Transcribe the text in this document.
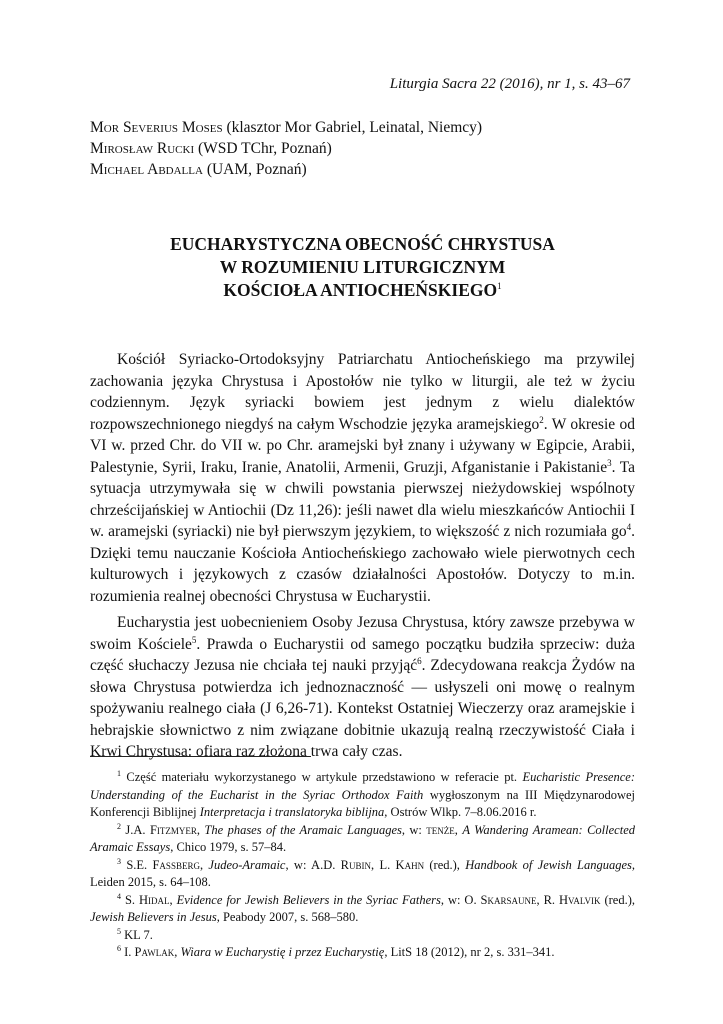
Liturgia Sacra 22 (2016), nr 1, s. 43–67
Mor Severius Moses (klasztor Mor Gabriel, Leinatal, Niemcy)
Mirosław Rucki (WSD TChr, Poznań)
Michael Abdalla (UAM, Poznań)
EUCHARYSTYCZNA OBECNOŚĆ CHRYSTUSA
W ROZUMIENIU LITURGICZNYM
KOŚCIOŁA ANTIOCHEŃSKIEGO$^1$

Kościół Syriacko-Ortodoksyjny Patriarchatu Antiocheńskiego ma przywilej zachowania języka Chrystusa i Apostołów nie tylko w liturgii, ale też w życiu codziennym. Język syriacki bowiem jest jednym z wielu dialektów rozpowszechnionego niegdyś na całym Wschodzie języka aramejskiego$^2$. W okresie od VI w. przed Chr. do VII w. po Chr. aramejski był znany i używany w Egipcie, Arabii, Palestynie, Syrii, Iraku, Iranie, Anatolii, Armenii, Gruzji, Afganistanie i Pakistanie$^3$. Ta sytuacja utrzymywała się w chwili powstania pierwszej nieżydowskiej wspólnoty chrześcijańskiej w Antiochii (Dz 11,26): jeśli nawet dla wielu mieszkańców Antiochii I w. aramejski (syriacki) nie był pierwszym językiem, to większość z nich rozumiała $go^4$. Dzięki temu nauczanie Kościoła Antiocheńskiego zachowało wiele pierwotnych cech kulturowych i językowych z czasów działalności Apostołów. Dotyczy to m.in. rozumienia realnej obecności Chrystusa w Eucharystii.

Eucharystia jest uobecnieniem Osoby Jezusa Chrystusa, który zawsze przebywa w swoim Kościele$^5$. Prawda o Eucharystii od samego początku budziła sprzeciw: duża część słuchaczy Jezusa nie chciała tej nauki przyjąć$^6$. Zdecydowana reakcja Żydów na słowa Chrystusa potwierdza ich jednoznaczność — usłyszeli oni mowę o realnym spożywaniu realnego ciała (J 6,26-71). Kontekst Ostatniej Wieczerzy oraz aramejskie i hebrajskie słownictwo z nim związane dobitnie ukazują realną rzeczywistość Ciała i Krwi Chrystusa: ofiara raz złożona trwa cały czas.

$^1$ Część materiału wykorzystanego w artykule przedstawiono w referacie pt. Eucharistic Presence: Understanding of the Eucharist in the Syriac Orthodox Faith wygłoszonym na III Międzynarodowej Konferencji Biblijnej Interpretacja i translatoryka biblijna, Ostrów Wlkp. 7–8.06.2016 r.

$^2$ J.A. Fitzmyer, The phases of the Aramaic Languages, w: tenże, A Wandering Aramean: Collected Aramaic Essays, Chico 1979, s. 57–84.

$^3$ S.E. Fassberg, Judeo-Aramaic, w: A.D. Rubin, L. Kahn (red.), Handbook of Jewish Languages, Leiden 2015, s. 64–108.

$^4$ S. Hidal, Evidence for Jewish Believers in the Syriac Fathers, w: O. Skarsaune, R. Hvalvik (red.), Jewish Believers in Jesus, Peabody 2007, s. 568–580.

$^5$ KL 7.

$^6$ I. Pawlak, Wiara w Eucharystię i przez Eucharystię, LitS 18 (2012), nr 2, s. 331–341.
